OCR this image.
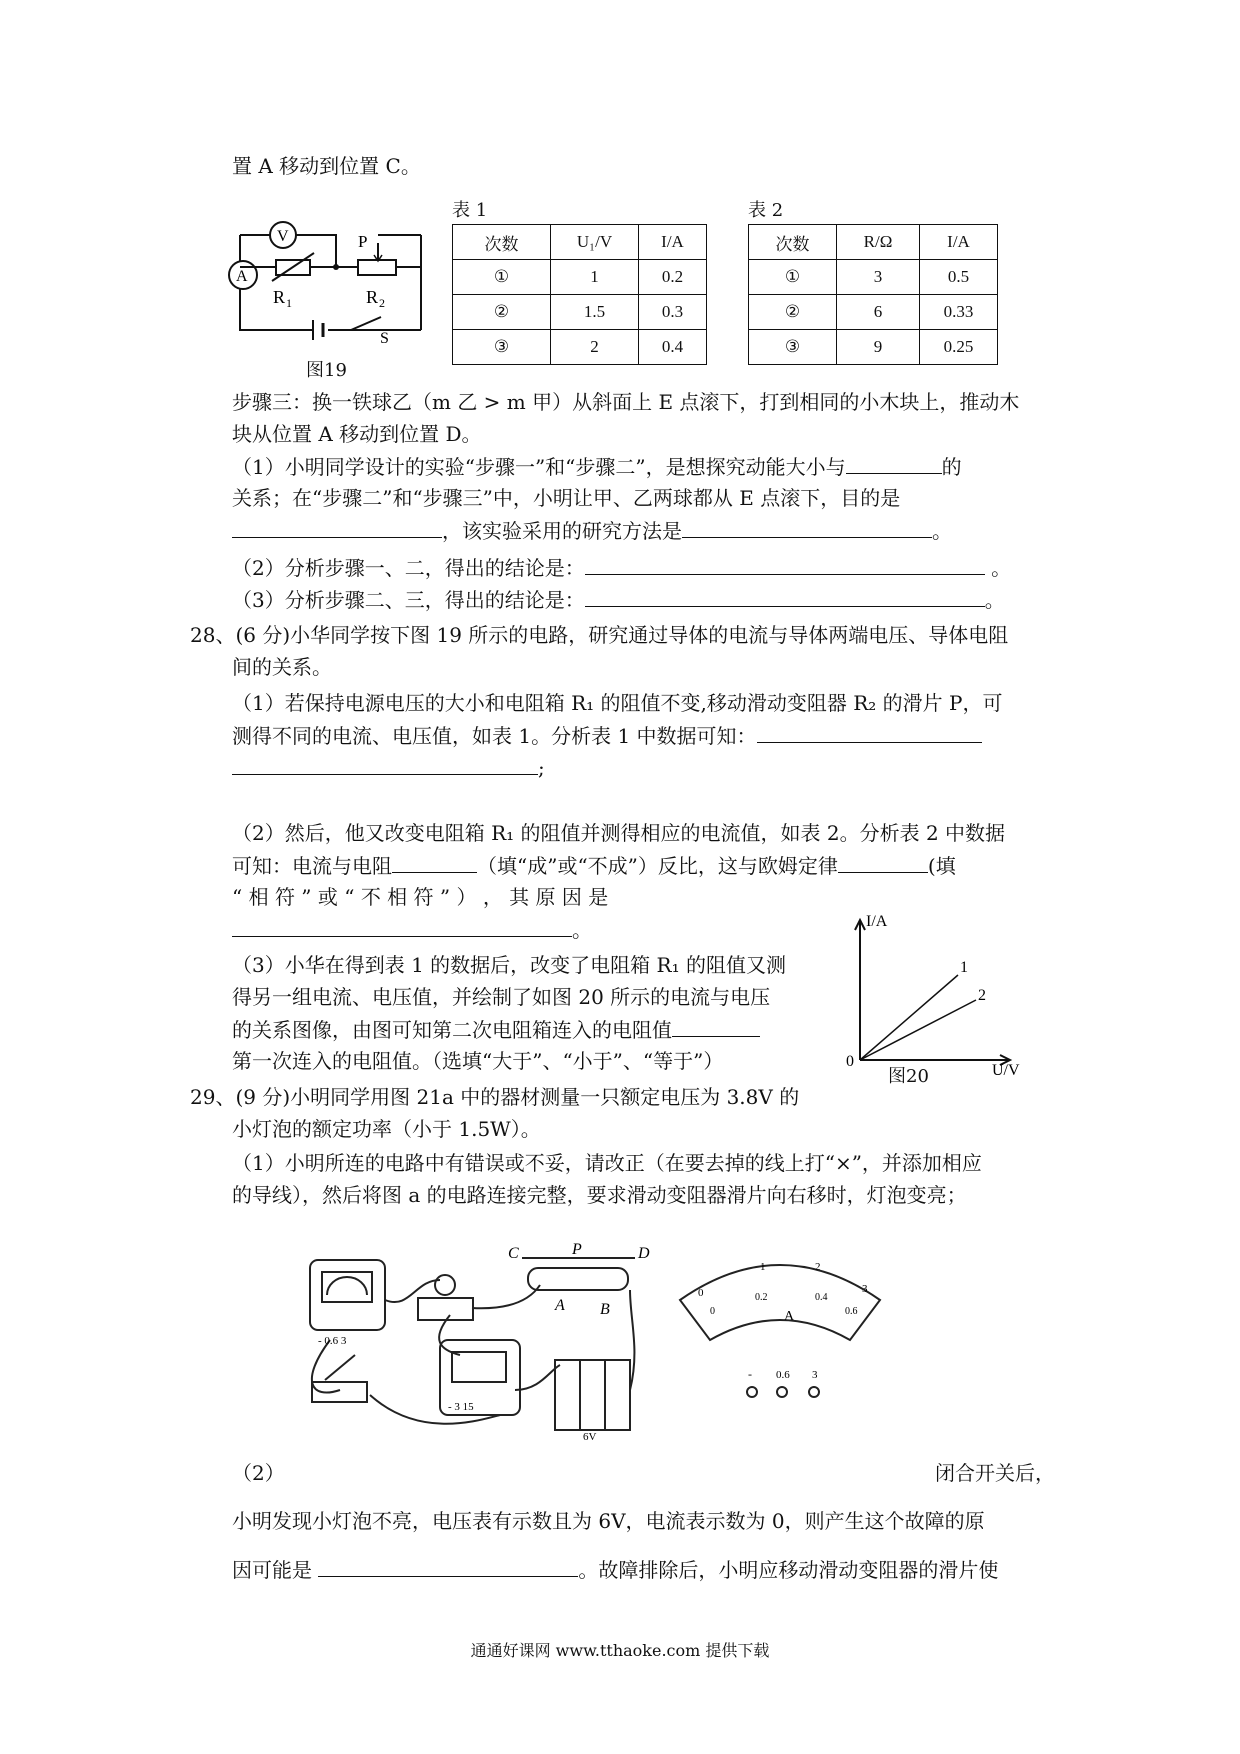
置 A 移动到位置 C。
V
A
R 1	R 2
P
S
图19
表 1
次数	U₁/V	I/A
①	1	0.2
②	1.5	0.3
③	2	0.4
表 2
次数	R/Ω	I/A
①	3	0.5
②	6	0.33
③	9	0.25
步骤三：换一铁球乙（m 乙 > m 甲）从斜面上 E 点滚下，打到相同的小木块上，推动木
块从位置 A 移动到位置 D。
（1）小明同学设计的实验“步骤一”和“步骤二”，是想探究动能大小与	的
关系；在“步骤二”和“步骤三”中，小明让甲、乙两球都从 E 点滚下，目的是
，该实验采用的研究方法是	。
（2）分析步骤一、二，得出的结论是：	。
（3）分析步骤二、三，得出的结论是：	。
28、(6 分)小华同学按下图 19 所示的电路，研究通过导体的电流与导体两端电压、导体电阻
间的关系。
（1）若保持电源电压的大小和电阻箱 R₁ 的阻值不变,移动滑动变阻器 R₂ 的滑片 P，可
测得不同的电流、电压值，如表 1。分析表 1 中数据可知：
;
（2）然后，他又改变电阻箱 R₁ 的阻值并测得相应的电流值，如表 2。分析表 2 中数据
可知：电流与电阻	（填“成”或“不成”）反比，这与欧姆定律	(填
“ 相 符 ” 或 “ 不 相 符 ” ） ， 其 原 因 是
。
（3）小华在得到表 1 的数据后，改变了电阻箱 R₁ 的阻值又测
得另一组电流、电压值，并绘制了如图 20 所示的电流与电压
的关系图像，由图可知第二次电阻箱连入的电阻值
第一次连入的电阻值。（选填“大于”、“小于”、“等于”）
I/A
0
1
2
U/V
图20
29、(9 分)小明同学用图 21a 中的器材测量一只额定电压为 3.8V 的
小灯泡的额定功率（小于 1.5W）。
（1）小明所连的电路中有错误或不妥，请改正（在要去掉的线上打“×”，并添加相应
的导线），然后将图 a 的电路连接完整，要求滑动变阻器滑片向右移时，灯泡变亮；
- 0.6 3
- 3 15
6V
C	P	D
A B
0
1	2
3
0
0.2	0.4
0.6
A
- 0.6 3
（2）	闭合开关后，
小明发现小灯泡不亮，电压表有示数且为 6V，电流表示数为 0，则产生这个故障的原
因可能是	。故障排除后，小明应移动滑动变阻器的滑片使
通通好课网 www.tthaoke.com 提供下载
